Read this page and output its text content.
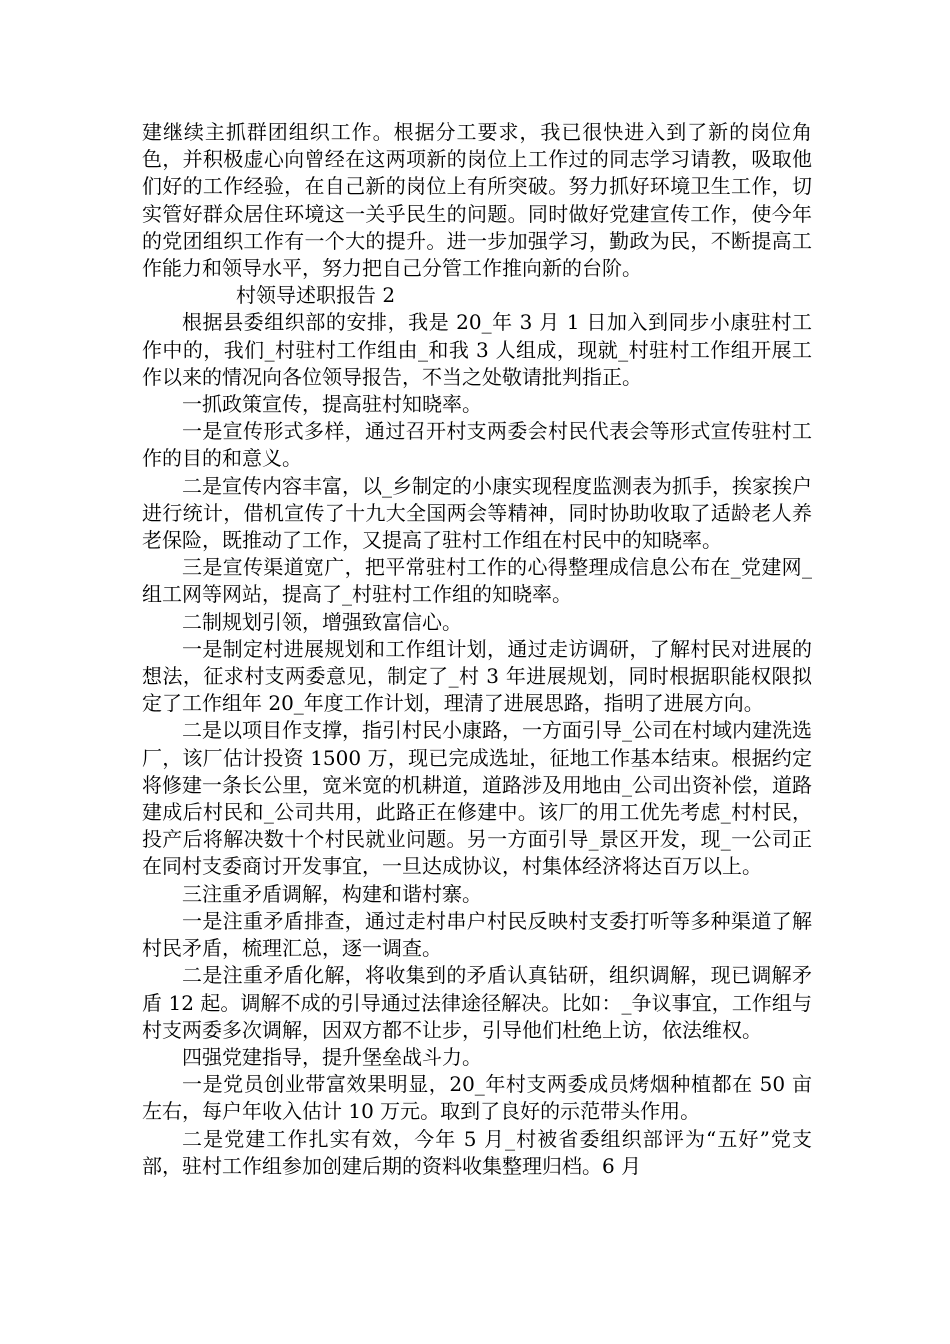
建继续主抓群团组织工作。根据分工要求，我已很快进入到了新的岗位角色，并积极虚心向曾经在这两项新的岗位上工作过的同志学习请教，吸取他们好的工作经验，在自己新的岗位上有所突破。努力抓好环境卫生工作，切实管好群众居住环境这一关乎民生的问题。同时做好党建宣传工作，使今年的党团组织工作有一个大的提升。进一步加强学习，勤政为民，不断提高工作能力和领导水平，努力把自己分管工作推向新的台阶。

村领导述职报告 2

根据县委组织部的安排，我是 20_年 3 月 1 日加入到同步小康驻村工作中的，我们_村驻村工作组由_和我 3 人组成，现就_村驻村工作组开展工作以来的情况向各位领导报告，不当之处敬请批判指正。

一抓政策宣传，提高驻村知晓率。

一是宣传形式多样，通过召开村支两委会村民代表会等形式宣传驻村工作的目的和意义。

二是宣传内容丰富，以_乡制定的小康实现程度监测表为抓手，挨家挨户进行统计，借机宣传了十九大全国两会等精神，同时协助收取了适龄老人养老保险，既推动了工作，又提高了驻村工作组在村民中的知晓率。

三是宣传渠道宽广，把平常驻村工作的心得整理成信息公布在_党建网_组工网等网站，提高了_村驻村工作组的知晓率。

二制规划引领，增强致富信心。

一是制定村进展规划和工作组计划，通过走访调研，了解村民对进展的想法，征求村支两委意见，制定了_村 3 年进展规划，同时根据职能权限拟定了工作组年 20_年度工作计划，理清了进展思路，指明了进展方向。

二是以项目作支撑，指引村民小康路，一方面引导_公司在村域内建洗选厂，该厂估计投资 1500 万，现已完成选址，征地工作基本结束。根据约定将修建一条长公里，宽米宽的机耕道，道路涉及用地由_公司出资补偿，道路建成后村民和_公司共用，此路正在修建中。该厂的用工优先考虑_村村民，投产后将解决数十个村民就业问题。另一方面引导_景区开发，现_一公司正在同村支委商讨开发事宜，一旦达成协议，村集体经济将达百万以上。

三注重矛盾调解，构建和谐村寨。

一是注重矛盾排查，通过走村串户村民反映村支委打听等多种渠道了解村民矛盾，梳理汇总，逐一调查。

二是注重矛盾化解，将收集到的矛盾认真钻研，组织调解，现已调解矛盾 12 起。调解不成的引导通过法律途径解决。比如：_争议事宜，工作组与村支两委多次调解，因双方都不让步，引导他们杜绝上访，依法维权。

四强党建指导，提升堡垒战斗力。

一是党员创业带富效果明显，20_年村支两委成员烤烟种植都在 50 亩左右，每户年收入估计 10 万元。取到了良好的示范带头作用。

二是党建工作扎实有效，今年 5 月_村被省委组织部评为“五好”党支部，驻村工作组参加创建后期的资料收集整理归档。6 月
